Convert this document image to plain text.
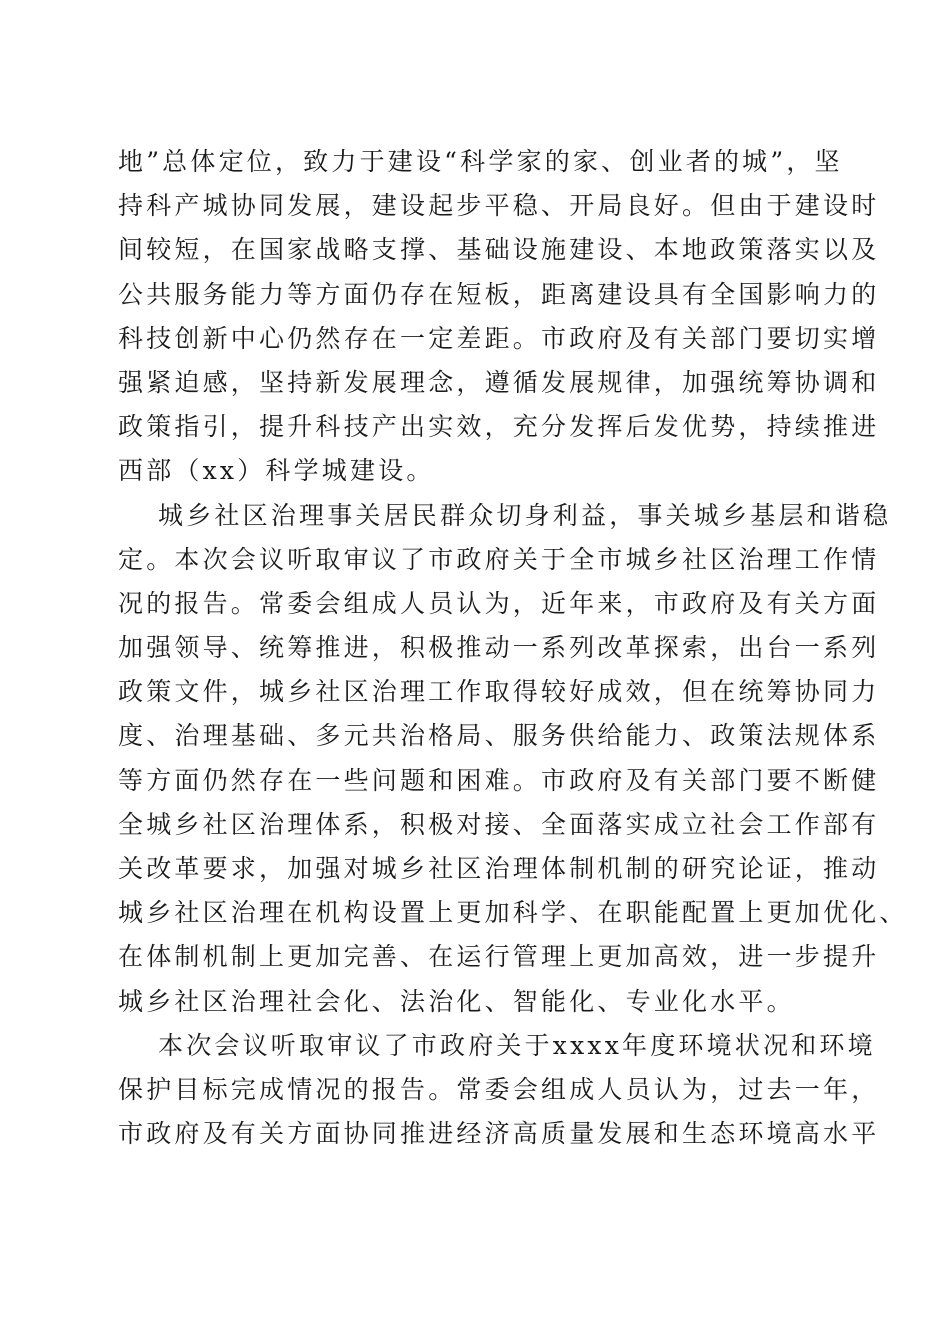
地”总体定位，致力于建设“科学家的家、创业者的城”，坚
持科产城协同发展，建设起步平稳、开局良好。但由于建设时
间较短，在国家战略支撑、基础设施建设、本地政策落实以及
公共服务能力等方面仍存在短板，距离建设具有全国影响力的
科技创新中心仍然存在一定差距。市政府及有关部门要切实增
强紧迫感，坚持新发展理念，遵循发展规律，加强统筹协调和
政策指引，提升科技产出实效，充分发挥后发优势，持续推进
西部（xx）科学城建设。
城乡社区治理事关居民群众切身利益，事关城乡基层和谐稳
定。本次会议听取审议了市政府关于全市城乡社区治理工作情
况的报告。常委会组成人员认为，近年来，市政府及有关方面
加强领导、统筹推进，积极推动一系列改革探索，出台一系列
政策文件，城乡社区治理工作取得较好成效，但在统筹协同力
度、治理基础、多元共治格局、服务供给能力、政策法规体系
等方面仍然存在一些问题和困难。市政府及有关部门要不断健
全城乡社区治理体系，积极对接、全面落实成立社会工作部有
关改革要求，加强对城乡社区治理体制机制的研究论证，推动
城乡社区治理在机构设置上更加科学、在职能配置上更加优化、
在体制机制上更加完善、在运行管理上更加高效，进一步提升
城乡社区治理社会化、法治化、智能化、专业化水平。
本次会议听取审议了市政府关于xxxx年度环境状况和环境
保护目标完成情况的报告。常委会组成人员认为，过去一年，
市政府及有关方面协同推进经济高质量发展和生态环境高水平
